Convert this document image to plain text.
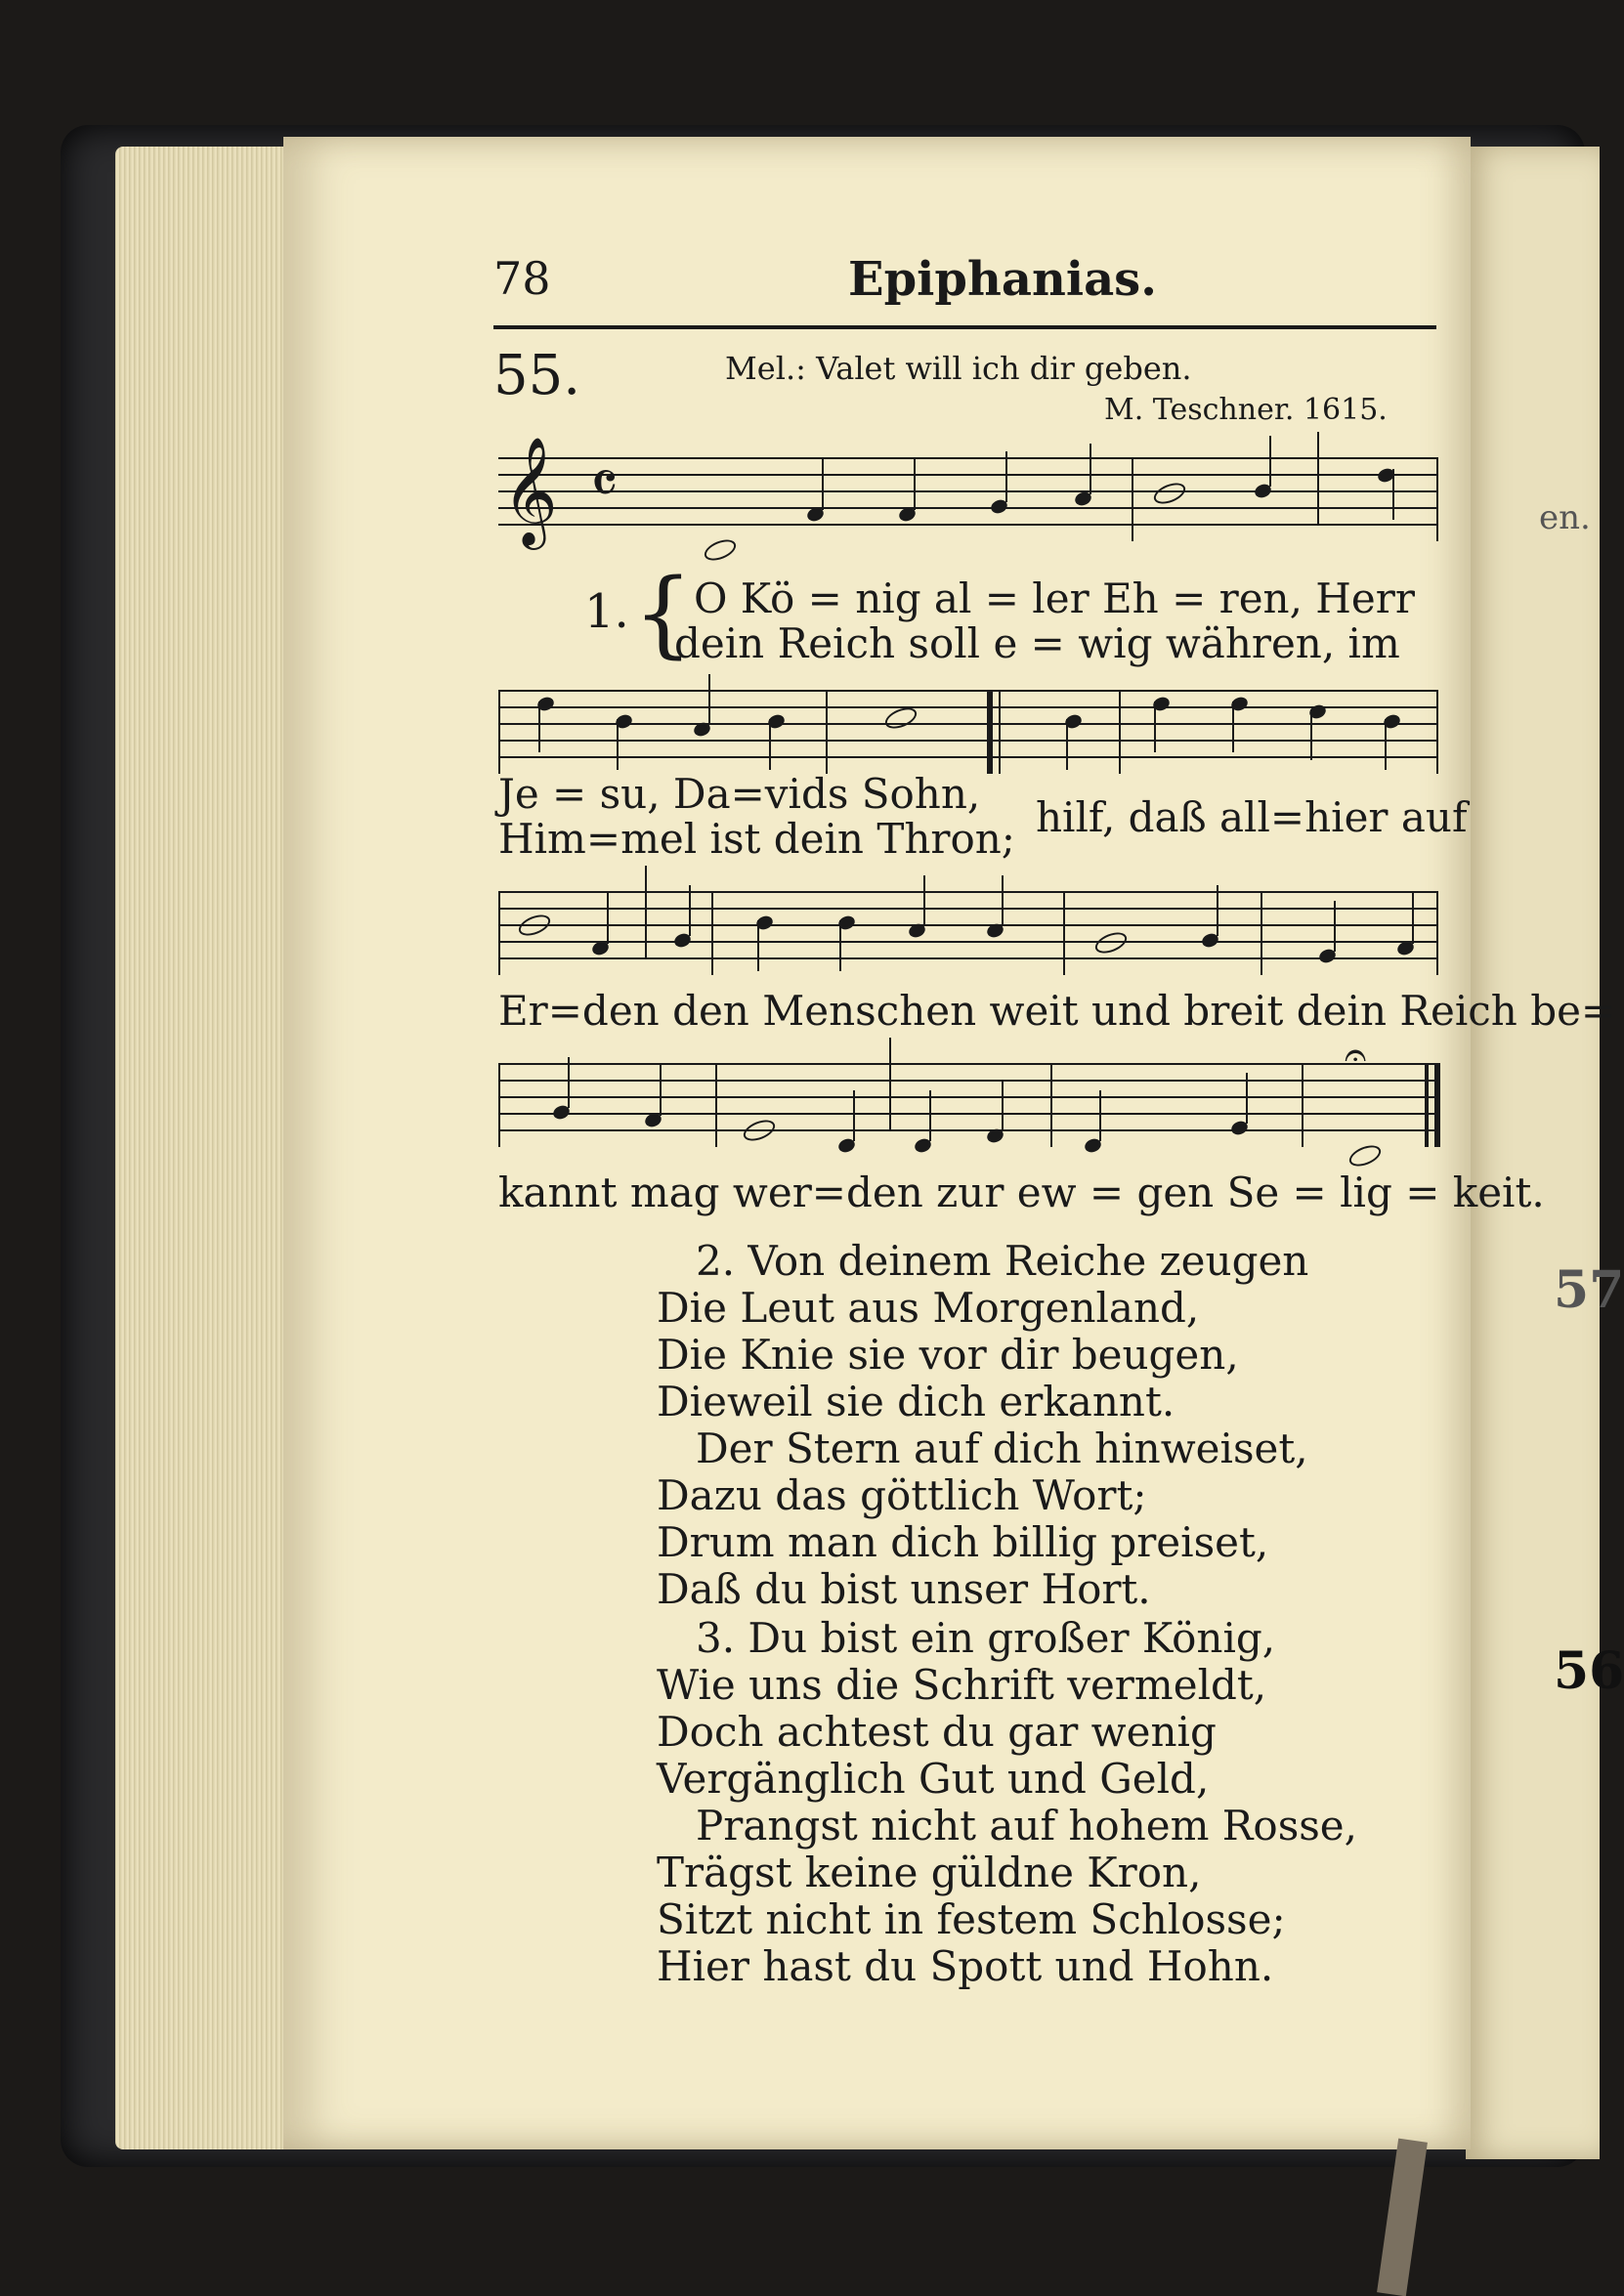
en.
57
56
78	Epiphanias.
55.	Mel.: Valet will ich dir geben.
M. Teschner. 1615.
𝄞 𝄴
1. { O Kö = nig al = ler Eh = ren, Herr
dein Reich soll e = wig währen, im
Je = su, Da=vids Sohn,
Him=mel ist dein Thron; hilf, daß all=hier auf
Er=den den Menschen weit und breit dein Reich be=
𝄐
kannt mag wer=den zur ew = gen Se = lig = keit.
2. Von deinem Reiche zeugen
Die Leut aus Morgenland,
Die Knie sie vor dir beugen,
Dieweil sie dich erkannt.
Der Stern auf dich hinweiset,
Dazu das göttlich Wort;
Drum man dich billig preiset,
Daß du bist unser Hort.
3. Du bist ein großer König,
Wie uns die Schrift vermeldt,
Doch achtest du gar wenig
Vergänglich Gut und Geld,
Prangst nicht auf hohem Rosse,
Trägst keine güldne Kron,
Sitzt nicht in festem Schlosse;
Hier hast du Spott und Hohn.
